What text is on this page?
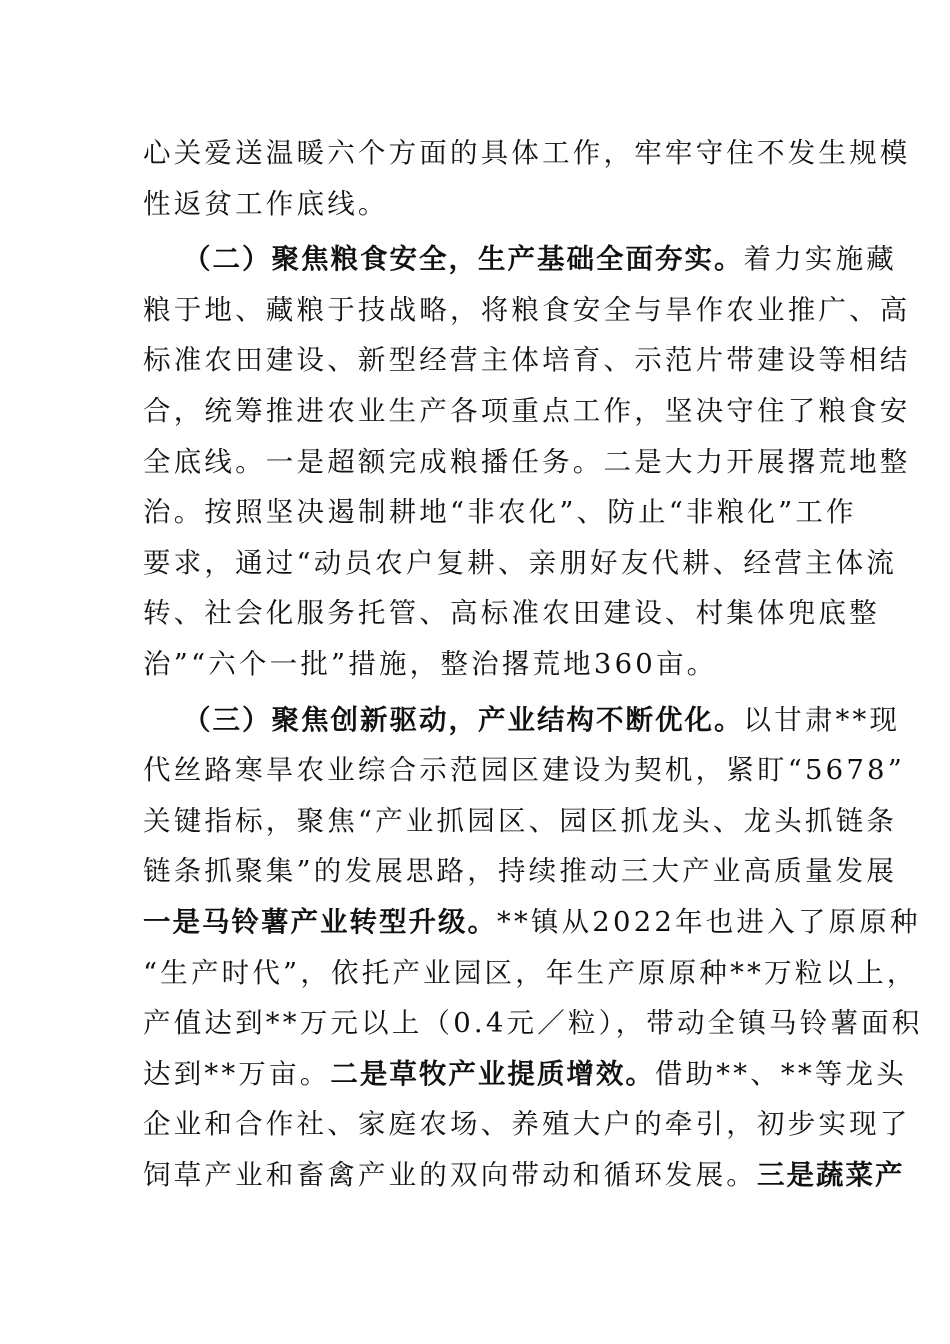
心关爱送温暖六个方面的具体工作，牢牢守住不发生规模
性返贫工作底线。
（二）聚焦粮食安全，生产基础全面夯实。着力实施藏
粮于地、藏粮于技战略，将粮食安全与旱作农业推广、高
标准农田建设、新型经营主体培育、示范片带建设等相结
合，统筹推进农业生产各项重点工作，坚决守住了粮食安
全底线。一是超额完成粮播任务。二是大力开展撂荒地整
治。按照坚决遏制耕地“非农化”、防止“非粮化”工作
要求，通过“动员农户复耕、亲朋好友代耕、经营主体流
转、社会化服务托管、高标准农田建设、村集体兜底整
治”“六个一批”措施，整治撂荒地360亩。
（三）聚焦创新驱动，产业结构不断优化。以甘肃**现
代丝路寒旱农业综合示范园区建设为契机，紧盯“5678”
关键指标，聚焦“产业抓园区、园区抓龙头、龙头抓链条
链条抓聚集”的发展思路，持续推动三大产业高质量发展
一是马铃薯产业转型升级。**镇从2022年也进入了原原种
“生产时代”，依托产业园区，年生产原原种**万粒以上，
产值达到**万元以上（0.4元／粒），带动全镇马铃薯面积
达到**万亩。二是草牧产业提质增效。借助**、**等龙头
企业和合作社、家庭农场、养殖大户的牵引，初步实现了
饲草产业和畜禽产业的双向带动和循环发展。三是蔬菜产
